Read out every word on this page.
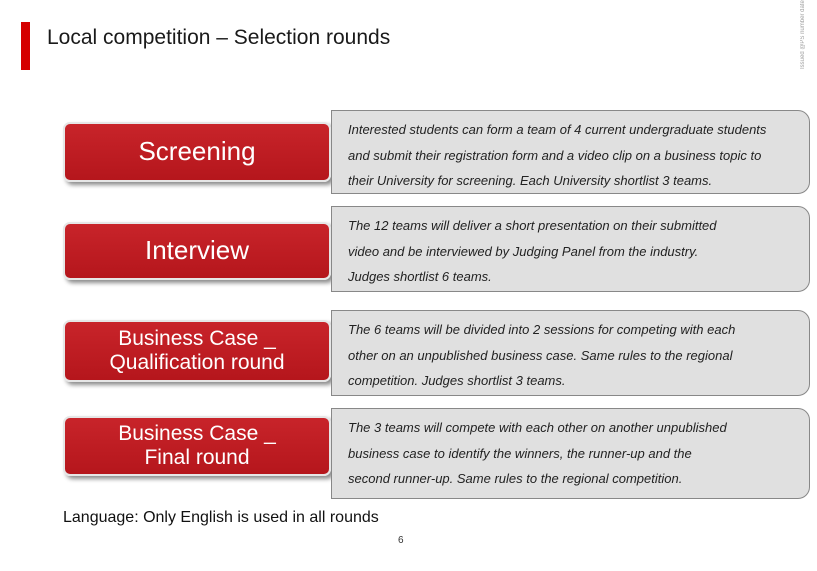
Local competition – Selection rounds	Issued @PS number date
Screening
Interested students can form a team of 4 current undergraduate students
and submit their registration form and a video clip on a business topic to
their University for screening. Each University shortlist 3 teams.
Interview
The 12 teams will deliver a short presentation on their submitted
video and be interviewed by Judging Panel from the industry.
Judges shortlist 6 teams.
Business Case _
Qualification round
The 6 teams will be divided into 2 sessions for competing with each
other on an unpublished business case. Same rules to the regional
competition. Judges shortlist 3 teams.
Business Case _
Final round
The 3 teams will compete with each other on another unpublished
business case to identify the winners, the runner-up and the
second runner-up. Same rules to the regional competition.
Language: Only English is used in all rounds
6
